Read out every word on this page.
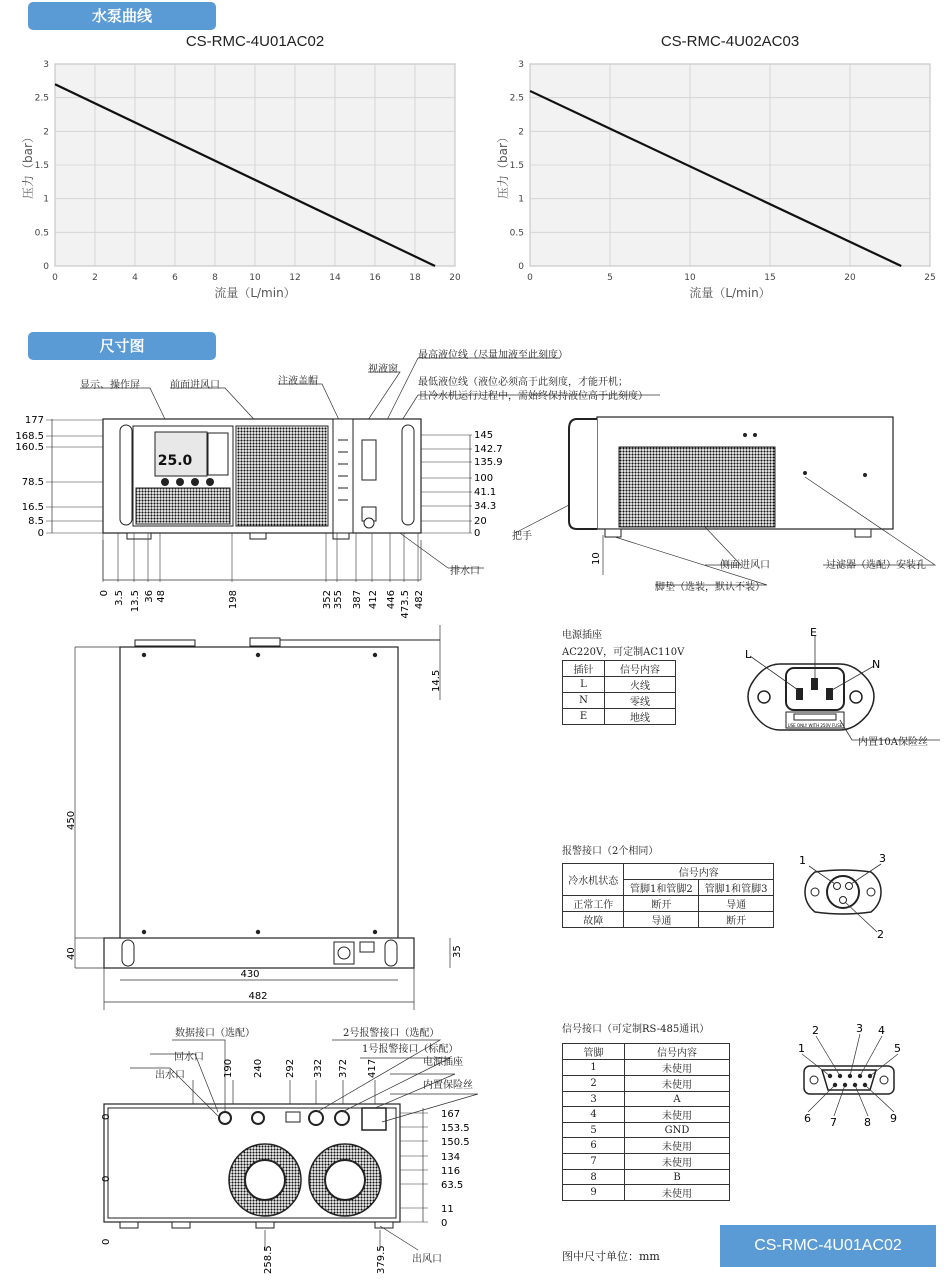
水泵曲线
CS-RMC-4U01AC02	CS-RMC-4U02AC03
0	2	4	6	8	10	12	14	16	18	20
0
0.5
1
1.5
2
2.5
3
流量（L/min）
压力（bar）
0	5	10	15	20	25
0
0.5
1
1.5
2
2.5
3
流量（L/min）
压力（bar）
尺寸图
25.0
177
168.5
160.5
78.5
16.5
8.5
0
145
142.7
135.9
100
41.1
34.3
20
0
0 3.5 13.5 36 48	198	352 355 387 412 446 473.5 482
显示、操作屏	前面进风口	注液盖帽
视液窗
最高液位线（尽量加液至此刻度）
最低液位线（液位必须高于此刻度，才能开机；
且冷水机运行过程中，需始终保持液位高于此刻度）
排水口
10
把手
侧面进风口	过滤器（选配）安装孔
脚垫（选装，默认不装）
450
14.5
40	35
430
482
190 240 292 332 372 417
167
153.5
150.5
134
116
63.5
11
0
258.5	379.5
0
0
0
数据接口（选配）	2号报警接口（选配）
回水口
1号报警接口（标配）
出水口
电源插座
内置保险丝
出风口
电源插座
AC220V，可定制AC110V
插针	信号内容
L	火线
N	零线
E	地线
USE ONLY WITH 250V FUSE
E
L
N
内置10A保险丝
报警接口（2个相同）
冷水机状态	信号内容	
	管脚1和管脚2	管脚1和管脚3
正常工作	断开	导通
故障	导通	断开
1
2
3
信号接口（可定制RS-485通讯）
管脚	信号内容
1	未使用
2	未使用
3	A
4	未使用
5	GND
6	未使用
7	未使用
8	B
9	未使用
1
2	3 4
5
6 7 8 9
图中尺寸单位：mm
CS-RMC-4U01AC02
